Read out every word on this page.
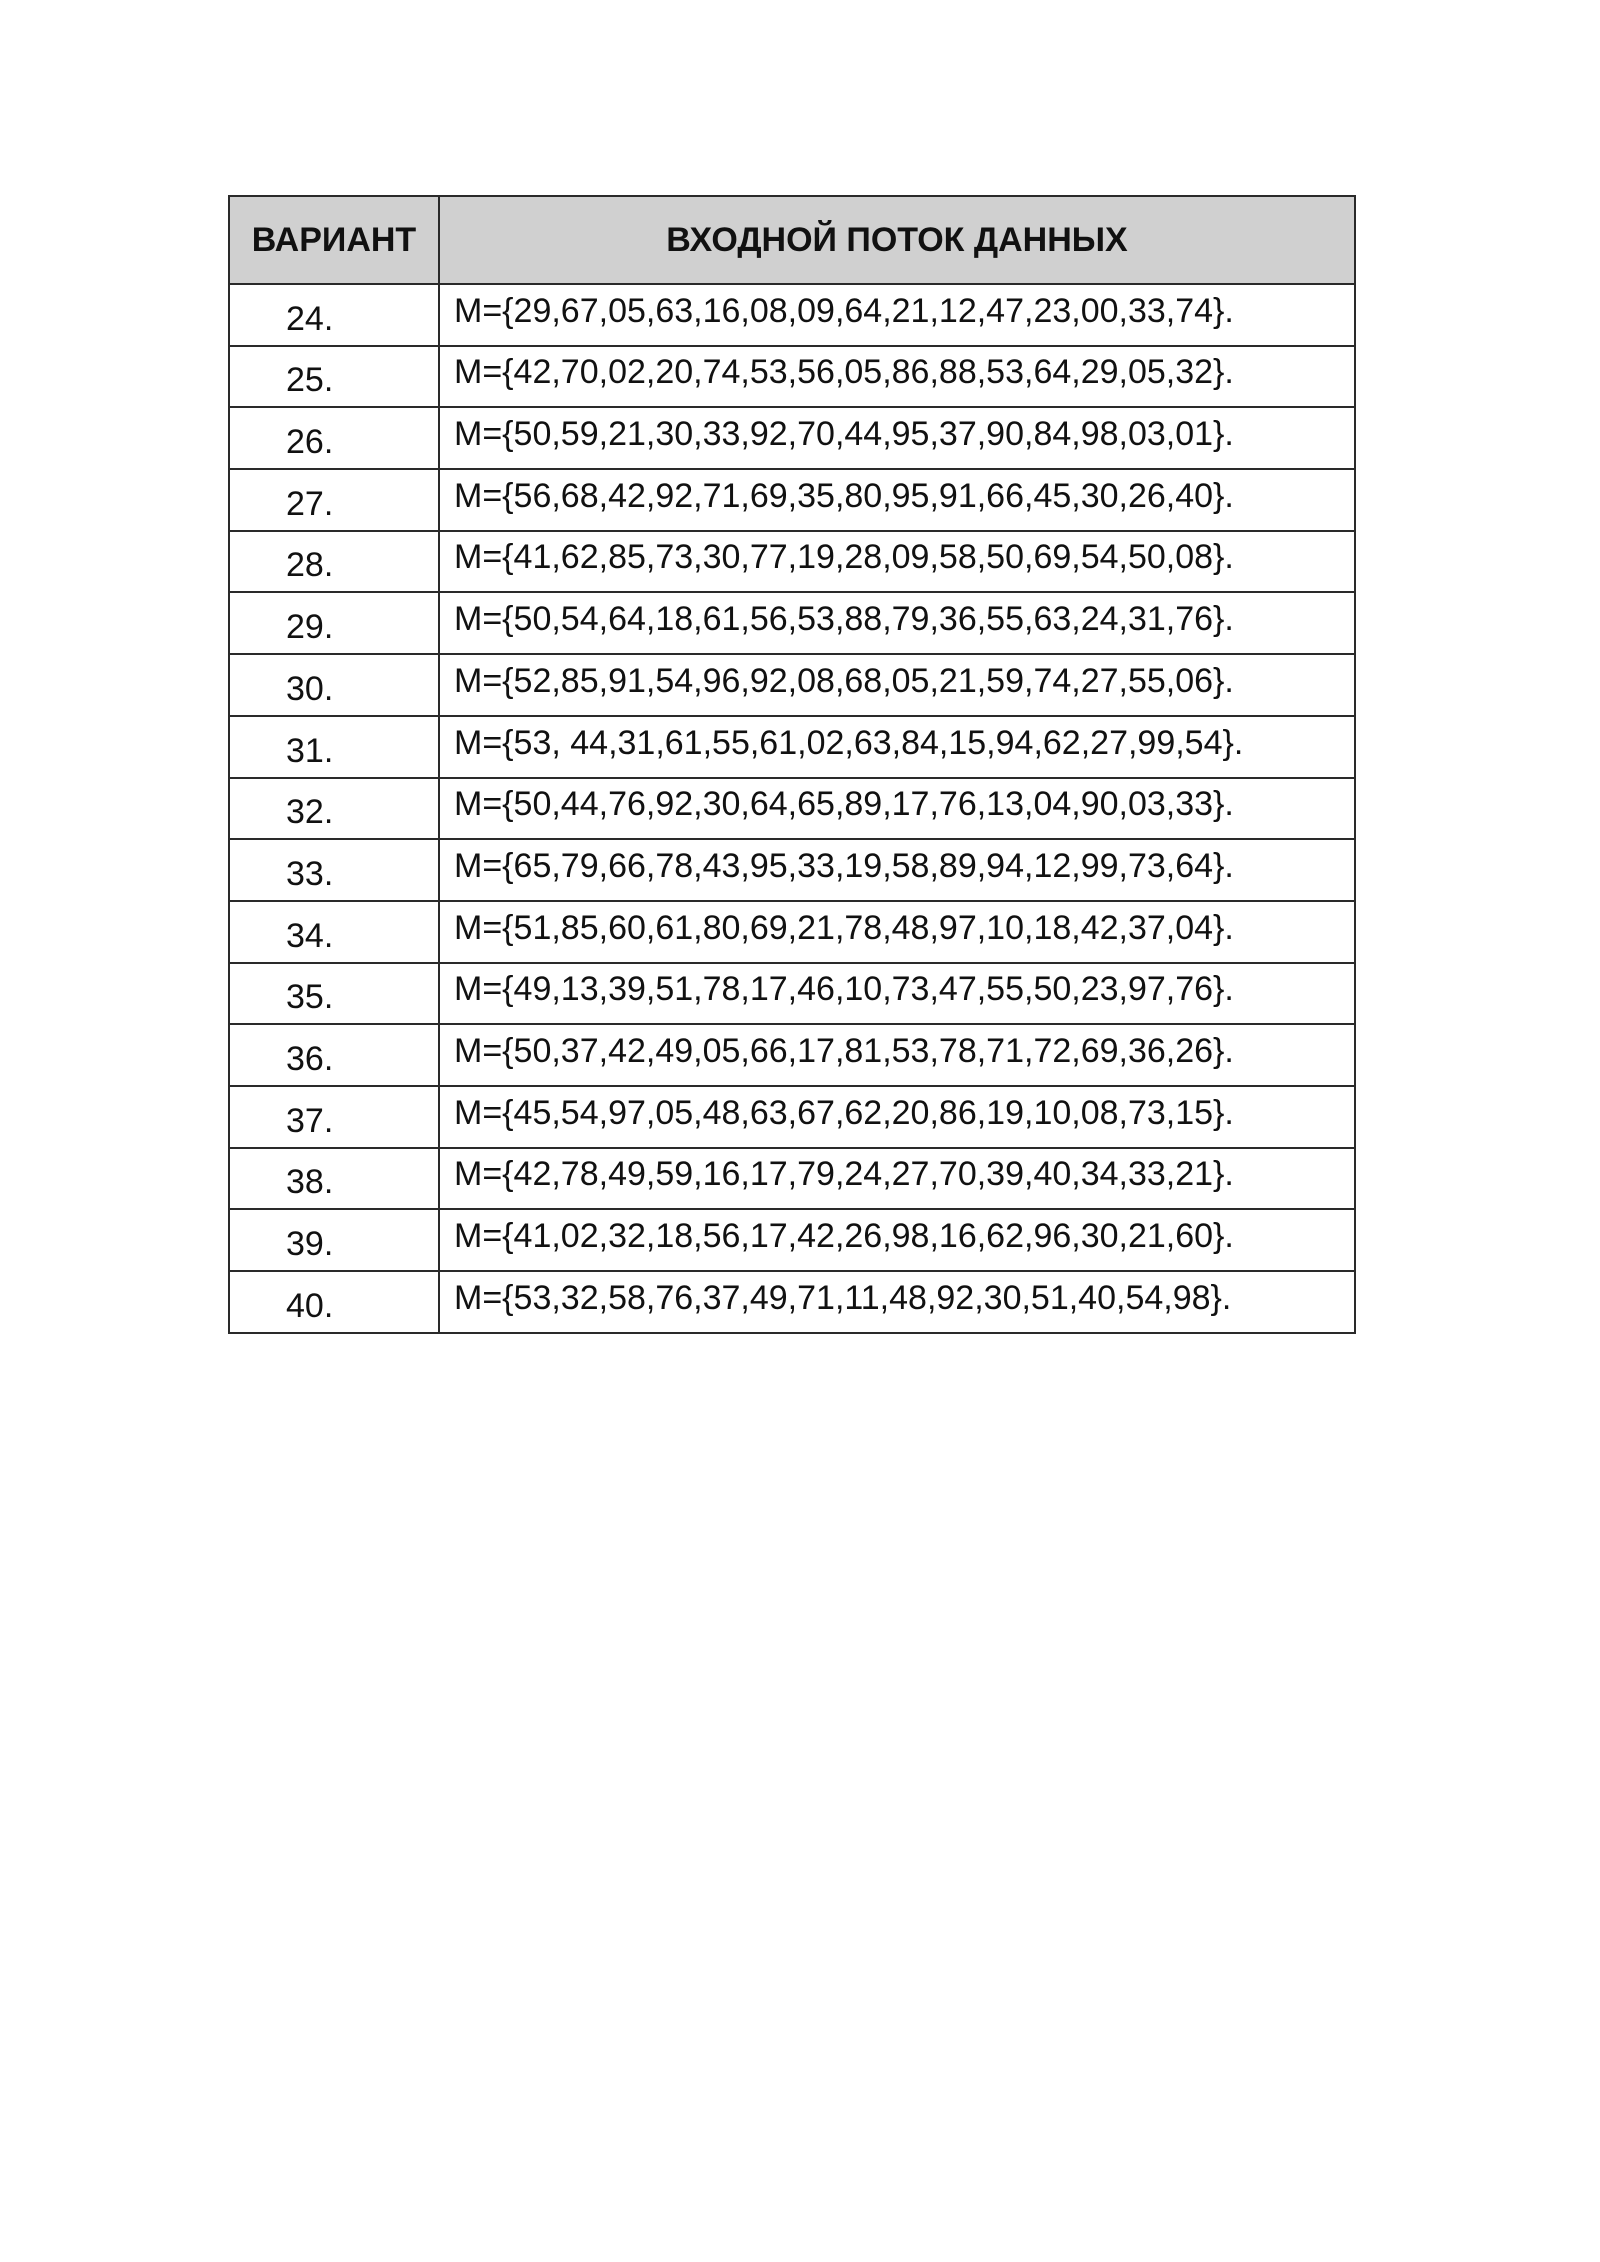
ВАРИАНТ	ВХОДНОЙ ПОТОК ДАННЫХ
24.	M={29,67,05,63,16,08,09,64,21,12,47,23,00,33,74}.
25.	M={42,70,02,20,74,53,56,05,86,88,53,64,29,05,32}.
26.	M={50,59,21,30,33,92,70,44,95,37,90,84,98,03,01}.
27.	M={56,68,42,92,71,69,35,80,95,91,66,45,30,26,40}.
28.	M={41,62,85,73,30,77,19,28,09,58,50,69,54,50,08}.
29.	M={50,54,64,18,61,56,53,88,79,36,55,63,24,31,76}.
30.	M={52,85,91,54,96,92,08,68,05,21,59,74,27,55,06}.
31.	M={53, 44,31,61,55,61,02,63,84,15,94,62,27,99,54}.
32.	M={50,44,76,92,30,64,65,89,17,76,13,04,90,03,33}.
33.	M={65,79,66,78,43,95,33,19,58,89,94,12,99,73,64}.
34.	M={51,85,60,61,80,69,21,78,48,97,10,18,42,37,04}.
35.	M={49,13,39,51,78,17,46,10,73,47,55,50,23,97,76}.
36.	M={50,37,42,49,05,66,17,81,53,78,71,72,69,36,26}.
37.	M={45,54,97,05,48,63,67,62,20,86,19,10,08,73,15}.
38.	M={42,78,49,59,16,17,79,24,27,70,39,40,34,33,21}.
39.	M={41,02,32,18,56,17,42,26,98,16,62,96,30,21,60}.
40.	M={53,32,58,76,37,49,71,11,48,92,30,51,40,54,98}.
